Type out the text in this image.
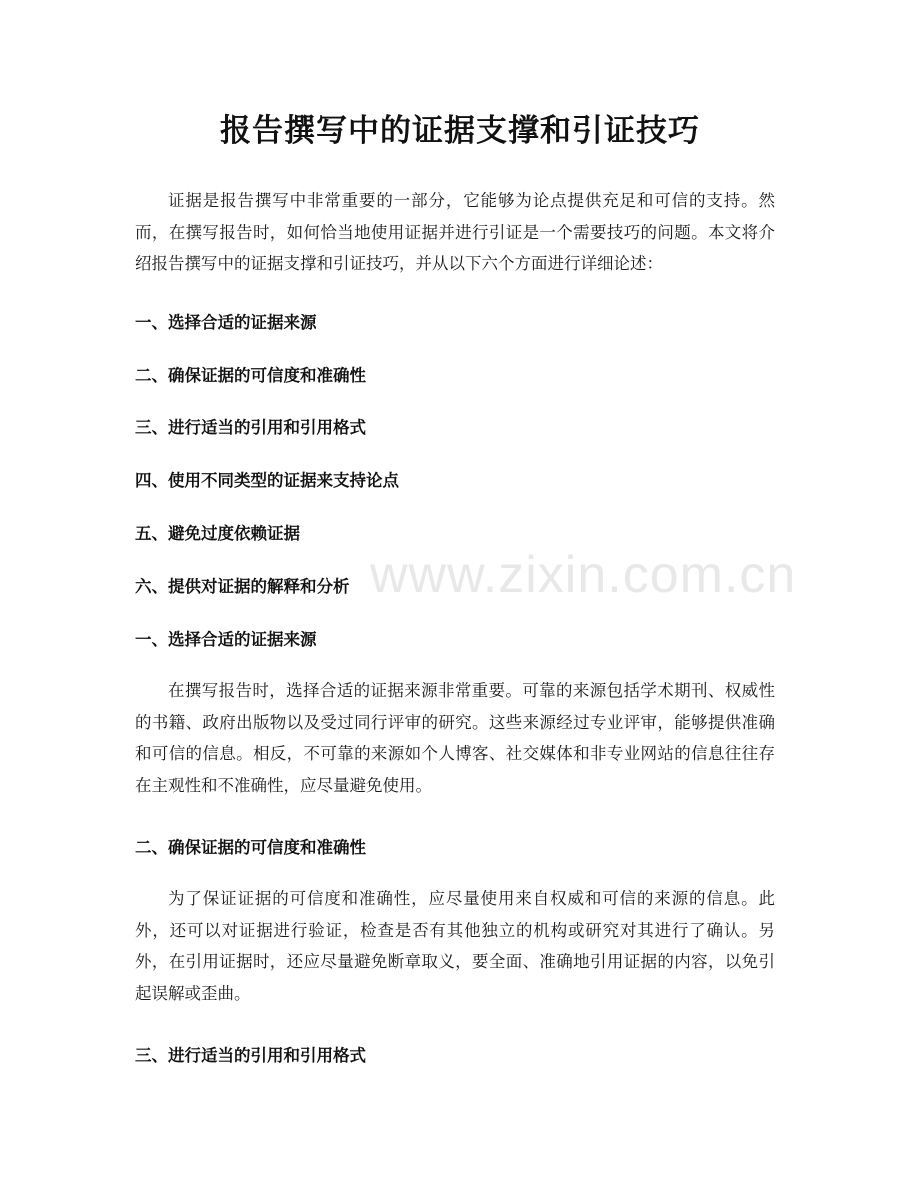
报告撰写中的证据支撑和引证技巧

证据是报告撰写中非常重要的一部分，它能够为论点提供充足和可信的支持。然而，在撰写报告时，如何恰当地使用证据并进行引证是一个需要技巧的问题。本文将介绍报告撰写中的证据支撑和引证技巧，并从以下六个方面进行详细论述：

一、选择合适的证据来源
二、确保证据的可信度和准确性
三、进行适当的引用和引用格式
四、使用不同类型的证据来支持论点
五、避免过度依赖证据
六、提供对证据的解释和分析
一、选择合适的证据来源

在撰写报告时，选择合适的证据来源非常重要。可靠的来源包括学术期刊、权威性的书籍、政府出版物以及受过同行评审的研究。这些来源经过专业评审，能够提供准确和可信的信息。相反，不可靠的来源如个人博客、社交媒体和非专业网站的信息往往存在主观性和不准确性，应尽量避免使用。

二、确保证据的可信度和准确性

为了保证证据的可信度和准确性，应尽量使用来自权威和可信的来源的信息。此外，还可以对证据进行验证，检查是否有其他独立的机构或研究对其进行了确认。另外，在引用证据时，还应尽量避免断章取义，要全面、准确地引用证据的内容，以免引起误解或歪曲。

三、进行适当的引用和引用格式
www.zixin.com.cn
